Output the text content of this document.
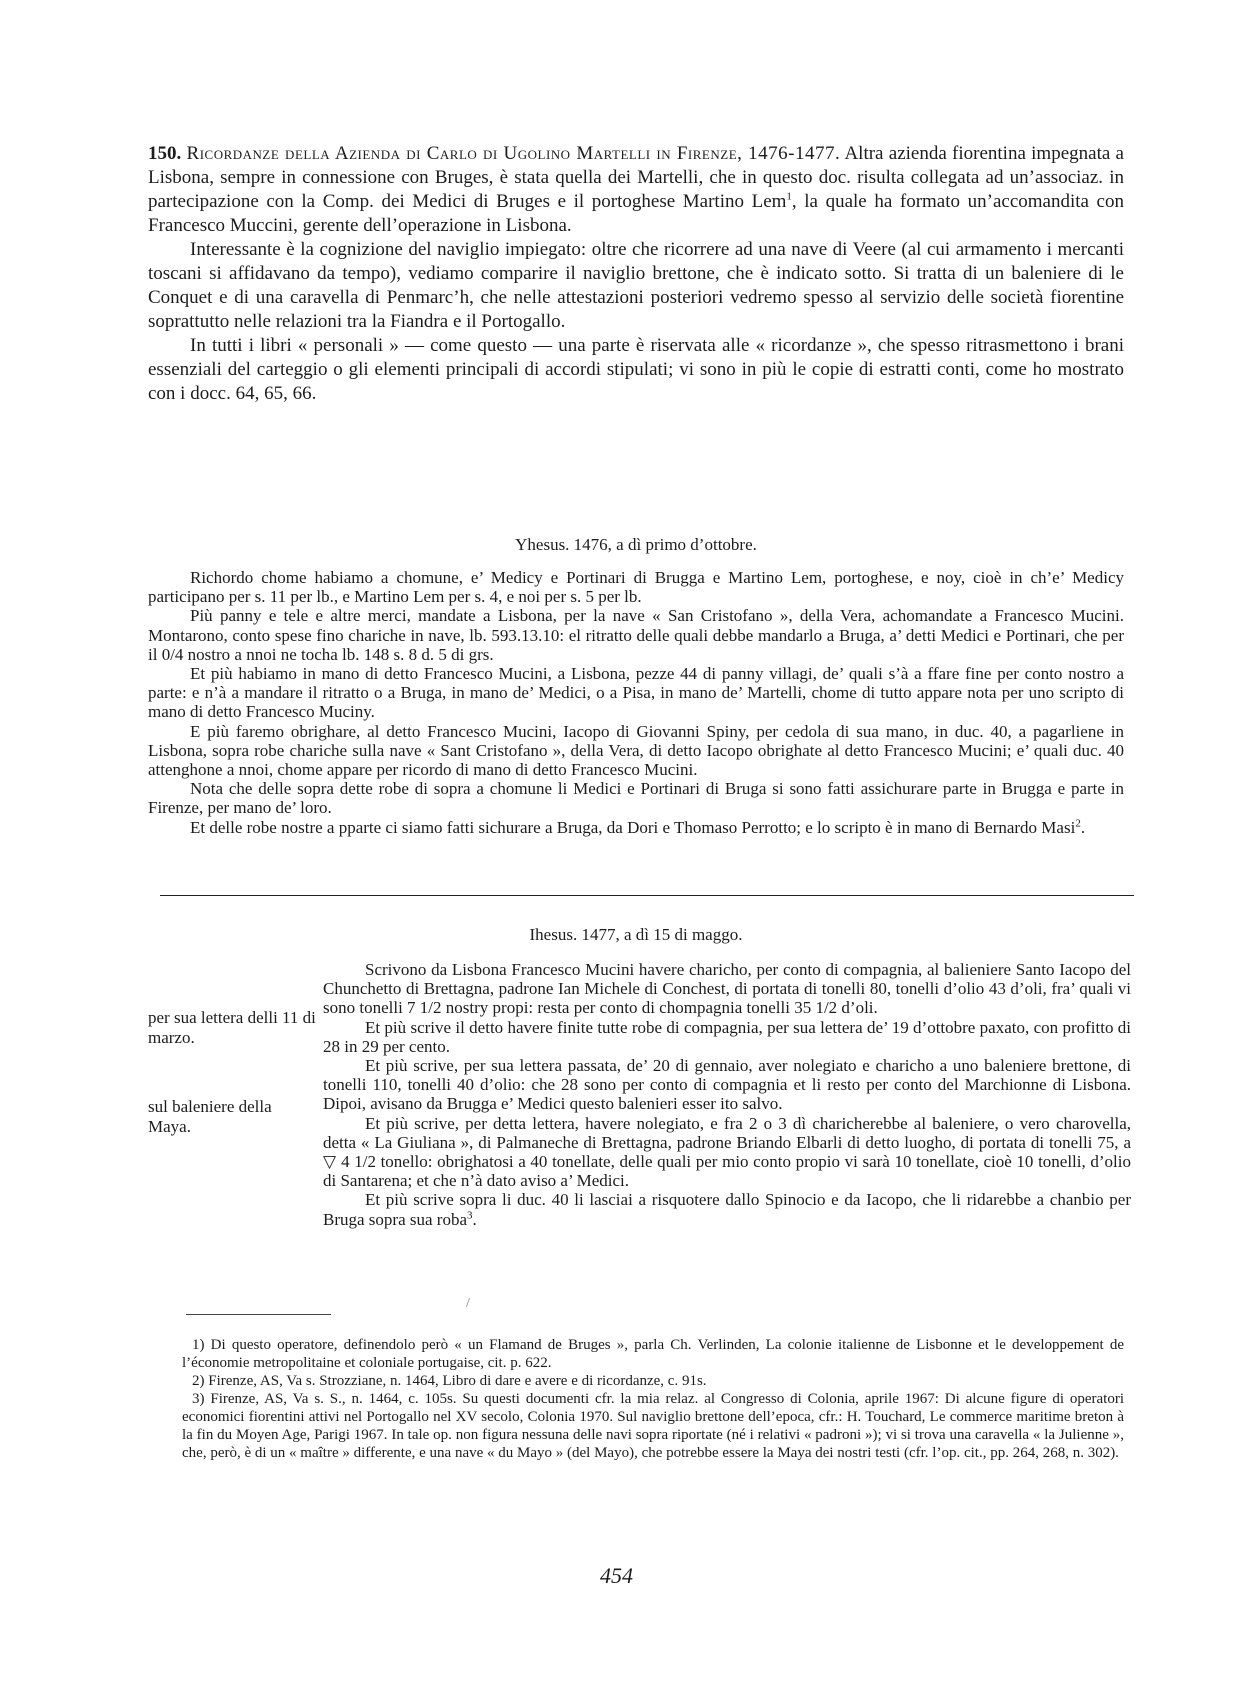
150. Ricordanze della Azienda di Carlo di Ugolino Martelli in Firenze, 1476-1477. Altra azienda fiorentina impegnata a Lisbona, sempre in connessione con Bruges, è stata quella dei Martelli, che in questo doc. risulta collegata ad un’associaz. in partecipazione con la Comp. dei Medici di Bruges e il portoghese Martino Lem$^1$, la quale ha formato un’accomandita con Francesco Muccini, gerente dell’operazione in Lisbona.

Interessante è la cognizione del naviglio impiegato: oltre che ricorrere ad una nave di Veere (al cui armamento i mercanti toscani si affidavano da tempo), vediamo comparire il naviglio brettone, che è indicato sotto. Si tratta di un baleniere di le Conquet e di una caravella di Penmarc’h, che nelle attestazioni posteriori vedremo spesso al servizio delle società fiorentine soprattutto nelle relazioni tra la Fiandra e il Portogallo.

In tutti i libri « personali » — come questo — una parte è riservata alle « ricordanze », che spesso ritrasmettono i brani essenziali del carteggio o gli elementi principali di accordi stipulati; vi sono in più le copie di estratti conti, come ho mostrato con i docc. 64, 65, 66.

Yhesus. 1476, a dì primo d’ottobre.

Richordo chome habiamo a chomune, e’ Medicy e Portinari di Brugga e Martino Lem, portoghese, e noy, cioè in ch’e’ Medicy participano per s. 11 per lb., e Martino Lem per s. 4, e noi per s. 5 per lb.

Più panny e tele e altre merci, mandate a Lisbona, per la nave « San Cristofano », della Vera, achomandate a Francesco Mucini. Montarono, conto spese fino chariche in nave, lb. 593.13.10: el ritratto delle quali debbe mandarlo a Bruga, a’ detti Medici e Portinari, che per il 0/4 nostro a nnoi ne tocha lb. 148 s. 8 d. 5 di grs.

Et più habiamo in mano di detto Francesco Mucini, a Lisbona, pezze 44 di panny villagi, de’ quali s’à a ffare fine per conto nostro a parte: e n’à a mandare il ritratto o a Bruga, in mano de’ Medici, o a Pisa, in mano de’ Martelli, chome di tutto appare nota per uno scripto di mano di detto Francesco Muciny.

E più faremo obrighare, al detto Francesco Mucini, Iacopo di Giovanni Spiny, per cedola di sua mano, in duc. 40, a pagarliene in Lisbona, sopra robe chariche sulla nave « Sant Cristofano », della Vera, di detto Iacopo obrighate al detto Francesco Mucini; e’ quali duc. 40 attenghone a nnoi, chome appare per ricordo di mano di detto Francesco Mucini.

Nota che delle sopra dette robe di sopra a chomune li Medici e Portinari di Bruga si sono fatti assichurare parte in Brugga e parte in Firenze, per mano de’ loro.

Et delle robe nostre a pparte ci siamo fatti sichurare a Bruga, da Dori e Thomaso Perrotto; e lo scripto è in mano di Bernardo Masi$^2$.

Ihesus. 1477, a dì 15 di maggo.
per sua lettera delli 11 di marzo.
sul baleniere della Maya.

Scrivono da Lisbona Francesco Mucini havere charicho, per conto di compagnia, al balieniere Santo Iacopo del Chunchetto di Brettagna, padrone Ian Michele di Conchest, di portata di tonelli 80, tonelli d’olio 43 d’oli, fra’ quali vi sono tonelli 7 1/2 nostry propi: resta per conto di chompagnia tonelli 35 1/2 d’oli.

Et più scrive il detto havere finite tutte robe di compagnia, per sua lettera de’ 19 d’ottobre paxato, con profitto di 28 in 29 per cento.

Et più scrive, per sua lettera passata, de’ 20 di gennaio, aver nolegiato e charicho a uno baleniere brettone, di tonelli 110, tonelli 40 d’olio: che 28 sono per conto di compagnia et li resto per conto del Marchionne di Lisbona. Dipoi, avisano da Brugga e’ Medici questo balenieri esser ito salvo.

Et più scrive, per detta lettera, havere nolegiato, e fra 2 o 3 dì charicherebbe al baleniere, o vero charovella, detta « La Giuliana », di Palmaneche di Brettagna, padrone Briando Elbarli di detto luogho, di portata di tonelli 75, a ▽ 4 1/2 tonello: obrighatosi a 40 tonellate, delle quali per mio conto propio vi sarà 10 tonellate, cioè 10 tonelli, d’olio di Santarena; et che n’à dato aviso a’ Medici.

Et più scrive sopra li duc. 40 li lasciai a risquotere dallo Spinocio e da Iacopo, che li ridarebbe a chanbio per Bruga sopra sua roba$^3$.

/

1) Di questo operatore, definendolo però « un Flamand de Bruges », parla Ch. Verlinden, La colonie italienne de Lisbonne et le developpement de l’économie metropolitaine et coloniale portugaise, cit. p. 622.

2) Firenze, AS, Va s. Strozziane, n. 1464, Libro di dare e avere e di ricordanze, c. 91s.

3) Firenze, AS, Va s. S., n. 1464, c. 105s. Su questi documenti cfr. la mia relaz. al Congresso di Colonia, aprile 1967: Di alcune figure di operatori economici fiorentini attivi nel Portogallo nel XV secolo, Colonia 1970. Sul naviglio brettone dell’epoca, cfr.: H. Touchard, Le commerce maritime breton à la fin du Moyen Age, Parigi 1967. In tale op. non figura nessuna delle navi sopra riportate (né i relativi « padroni »); vi si trova una caravella « la Julienne », che, però, è di un « maître » differente, e una nave « du Mayo » (del Mayo), che potrebbe essere la Maya dei nostri testi (cfr. l’op. cit., pp. 264, 268, n. 302).

454
